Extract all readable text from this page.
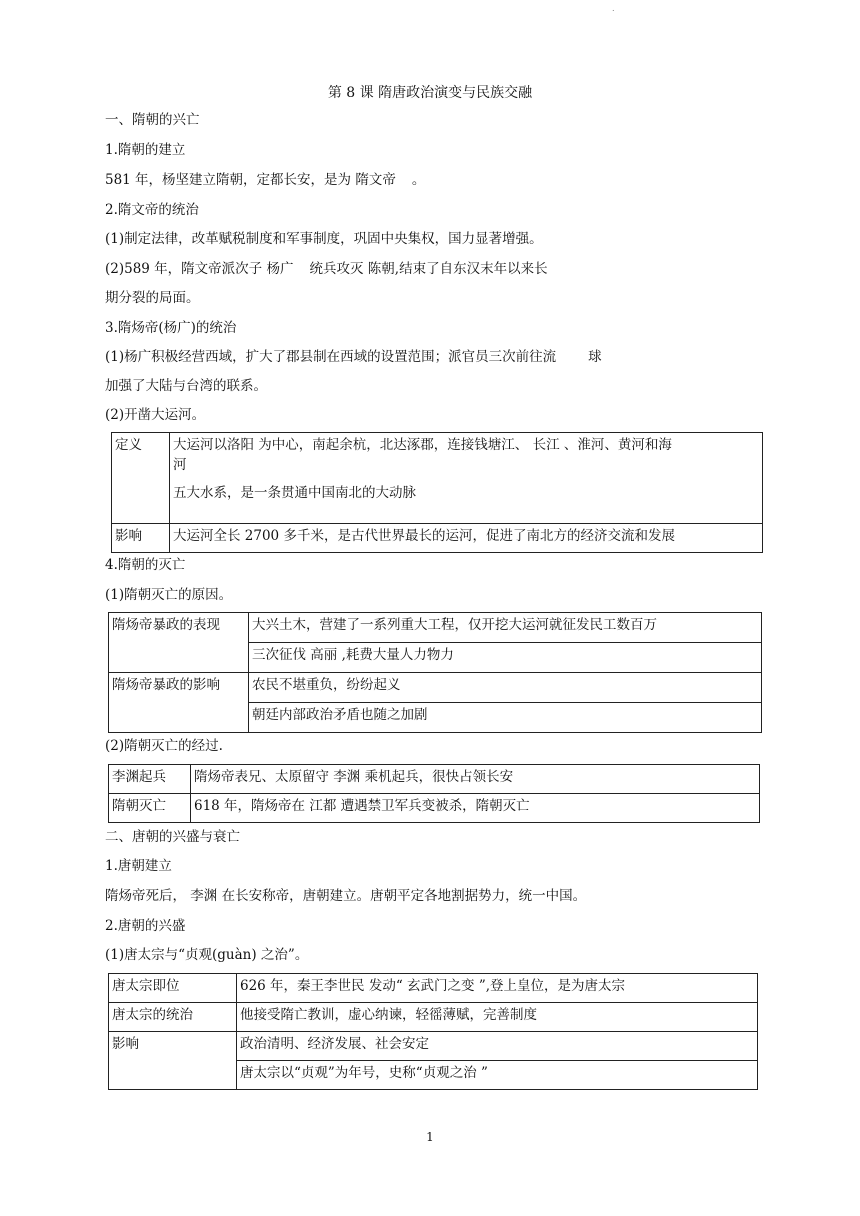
.
第 8 课 隋唐政治演变与民族交融
一、隋朝的兴亡
1.隋朝的建立
581 年，杨坚建立隋朝，定都长安，是为 隋文帝 。
2.隋文帝的统治
(1)制定法律，改革赋税制度和军事制度，巩固中央集权，国力显著增强。
(2)589 年，隋文帝派次子 杨广 统兵攻灭 陈朝,结束了自东汉末年以来长
期分裂的局面。
3.隋炀帝(杨广)的统治
(1)杨广积极经营西域，扩大了郡县制在西域的设置范围；派官员三次前往流 球
加强了大陆与台湾的联系。
(2)开凿大运河。
定义	大运河以洛阳 为中心，南起余杭，北达涿郡，连接钱塘江、 长江 、淮河、黄河和海
河
五大水系，是一条贯通中国南北的大动脉

影响	大运河全长 2700 多千米，是古代世界最长的运河，促进了南北方的经济交流和发展
4.隋朝的灭亡
(1)隋朝灭亡的原因。
隋炀帝暴政的表现	大兴土木，营建了一系列重大工程，仅开挖大运河就征发民工数百万
	三次征伐 高丽 ,耗费大量人力物力
隋炀帝暴政的影响	农民不堪重负，纷纷起义
	朝廷内部政治矛盾也随之加剧
(2)隋朝灭亡的经过.
李渊起兵	隋炀帝表兄、太原留守 李渊 乘机起兵，很快占领长安
隋朝灭亡	618 年，隋炀帝在 江都 遭遇禁卫军兵变被杀，隋朝灭亡
二、唐朝的兴盛与衰亡
1.唐朝建立
隋炀帝死后， 李渊 在长安称帝，唐朝建立。唐朝平定各地割据势力，统一中国。
2.唐朝的兴盛
(1)唐太宗与“贞观(guàn) 之治”。
唐太宗即位	626 年，秦王李世民 发动“ 玄武门之变 ”,登上皇位，是为唐太宗
唐太宗的统治	他接受隋亡教训，虚心纳谏，轻徭薄赋，完善制度
影响	政治清明、经济发展、社会安定
	唐太宗以“贞观”为年号，史称“贞观之治 ”
1
